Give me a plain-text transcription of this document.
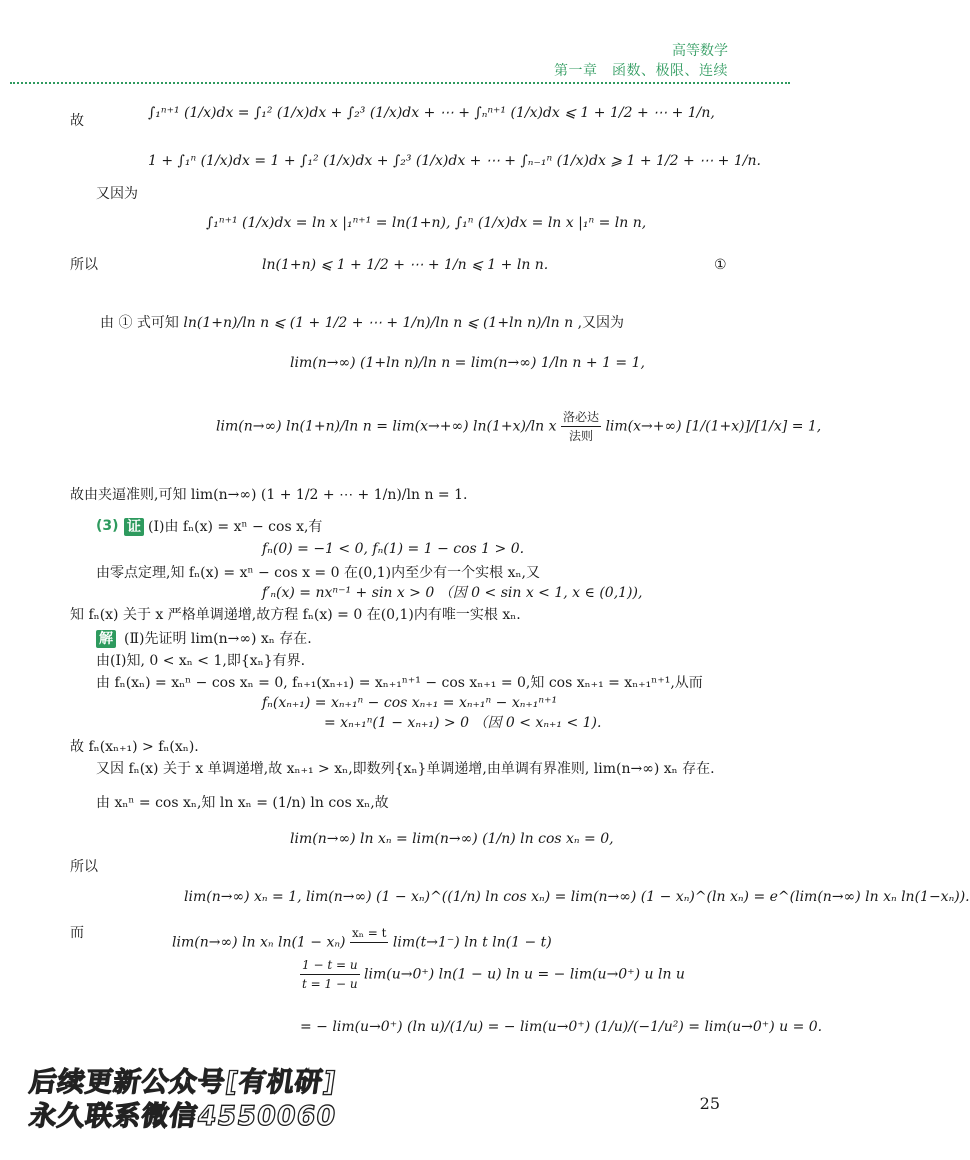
高等数学
第一章　函数、极限、连续
故	∫₁ⁿ⁺¹ (1/x)dx = ∫₁² (1/x)dx + ∫₂³ (1/x)dx + ⋯ + ∫ₙⁿ⁺¹ (1/x)dx ⩽ 1 + 1/2 + ⋯ + 1/n,
1 + ∫₁ⁿ (1/x)dx = 1 + ∫₁² (1/x)dx + ∫₂³ (1/x)dx + ⋯ + ∫ₙ₋₁ⁿ (1/x)dx ⩾ 1 + 1/2 + ⋯ + 1/n.
又因为
∫₁ⁿ⁺¹ (1/x)dx = ln x |₁ⁿ⁺¹ = ln(1+n), ∫₁ⁿ (1/x)dx = ln x |₁ⁿ = ln n,
所以	ln(1+n) ⩽ 1 + 1/2 + ⋯ + 1/n ⩽ 1 + ln n.	①
由 ① 式可知 ln(1+n)/ln n ⩽ (1 + 1/2 + ⋯ + 1/n)/ln n ⩽ (1+ln n)/ln n ,又因为
lim(n→∞) (1+ln n)/ln n = lim(n→∞) 1/ln n + 1 = 1,
lim(n→∞) ln(1+n)/ln n = lim(x→+∞) ln(1+x)/ln x $\frac{\text{洛必达}}{\text{法则}} \lim(x\to+\infty) [1/(1+x)]/[1/x] = 1$,
故由夹逼准则,可知 lim(n→∞) (1 + 1/2 + ⋯ + 1/n)/ln n = 1.
(3) 证 (Ⅰ)由 fₙ(x) = xⁿ − cos x,有
fₙ(0) = −1 < 0, fₙ(1) = 1 − cos 1 > 0.
由零点定理,知 fₙ(x) = xⁿ − cos x = 0 在(0,1)内至少有一个实根 xₙ,又
f′ₙ(x) = nxⁿ⁻¹ + sin x > 0 （因 0 < sin x < 1, x ∈ (0,1)),
知 fₙ(x) 关于 x 严格单调递增,故方程 fₙ(x) = 0 在(0,1)内有唯一实根 xₙ.
解 (Ⅱ)先证明 lim(n→∞) xₙ 存在.
由(Ⅰ)知, 0 < xₙ < 1,即{xₙ}有界.
由 fₙ(xₙ) = xₙⁿ − cos xₙ = 0, fₙ₊₁(xₙ₊₁) = xₙ₊₁ⁿ⁺¹ − cos xₙ₊₁ = 0,知 cos xₙ₊₁ = xₙ₊₁ⁿ⁺¹,从而
fₙ(xₙ₊₁) = xₙ₊₁ⁿ − cos xₙ₊₁ = xₙ₊₁ⁿ − xₙ₊₁ⁿ⁺¹
= xₙ₊₁ⁿ(1 − xₙ₊₁) > 0 （因 0 < xₙ₊₁ < 1).
故 fₙ(xₙ₊₁) > fₙ(xₙ).
又因 fₙ(x) 关于 x 单调递增,故 xₙ₊₁ > xₙ,即数列{xₙ}单调递增,由单调有界准则, lim(n→∞) xₙ 存在.
由 xₙⁿ = cos xₙ,知 ln xₙ = (1/n) ln cos xₙ,故
lim(n→∞) ln xₙ = lim(n→∞) (1/n) ln cos xₙ = 0,
所以
lim(n→∞) xₙ = 1, lim(n→∞) (1 − xₙ)^((1/n) ln cos xₙ) = lim(n→∞) (1 − xₙ)^(ln xₙ) = e^(lim(n→∞) ln xₙ ln(1−xₙ)).
而
lim(n→∞) ln xₙ ln(1 − xₙ)
xₙ = t

lim(t→1⁻) ln t ln(1 − t)
$\frac{1 - t = u}{t = 1 - u} \lim(u\to 0^+) \ln(1 - u)$ ln u = − lim(u→0⁺) u ln u
= − lim(u→0⁺) (ln u)/(1/u) = − lim(u→0⁺) (1/u)/(−1/u²) = lim(u→0⁺) u = 0.
后续更新公众号[有机研]
永久联系微信4550060	25
